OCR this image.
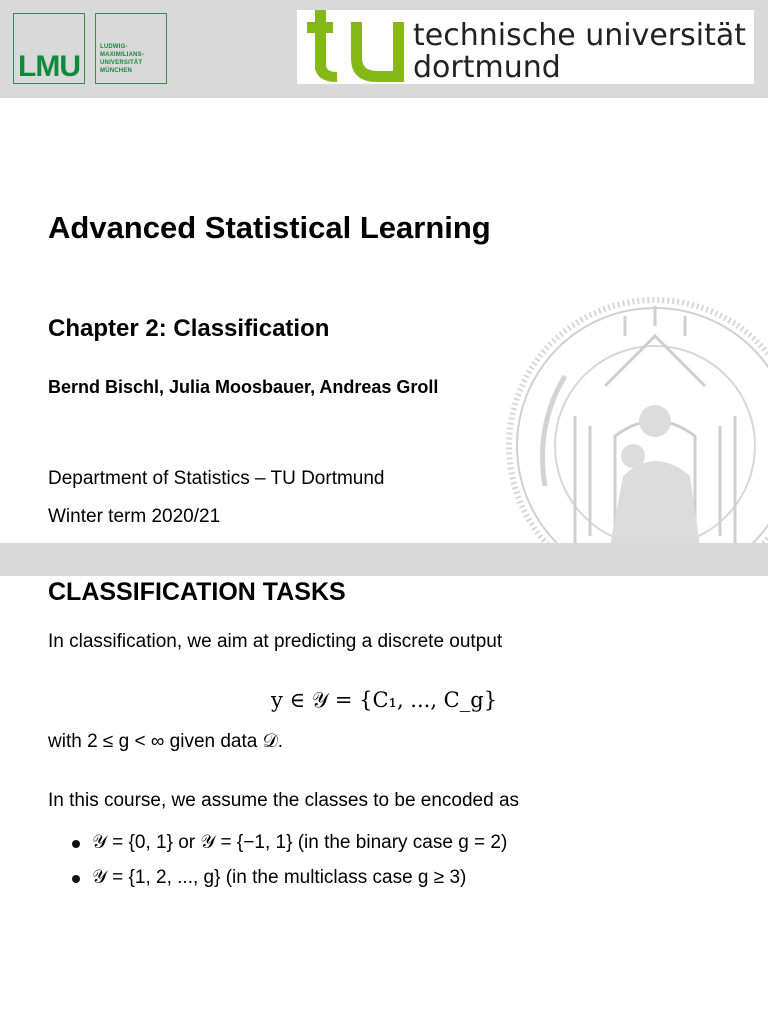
LMU
LUDWIG-
MAXIMILIANS-
UNIVERSITÄT
MÜNCHEN
technische universität
dortmund
Advanced Statistical Learning
Chapter 2: Classification

Bernd Bischl, Julia Moosbauer, Andreas Groll

Department of Statistics – TU Dortmund

Winter term 2020/21

CLASSIFICATION TASKS

In classification, we aim at predicting a discrete output

y ∈ 𝒴 = {C₁, ..., C_g}

with 2 ≤ g < ∞ given data 𝒟.

In this course, we assume the classes to be encoded as

𝒴 = {0, 1} or 𝒴 = {−1, 1} (in the binary case g = 2)
𝒴 = {1, 2, ..., g} (in the multiclass case g ≥ 3)
